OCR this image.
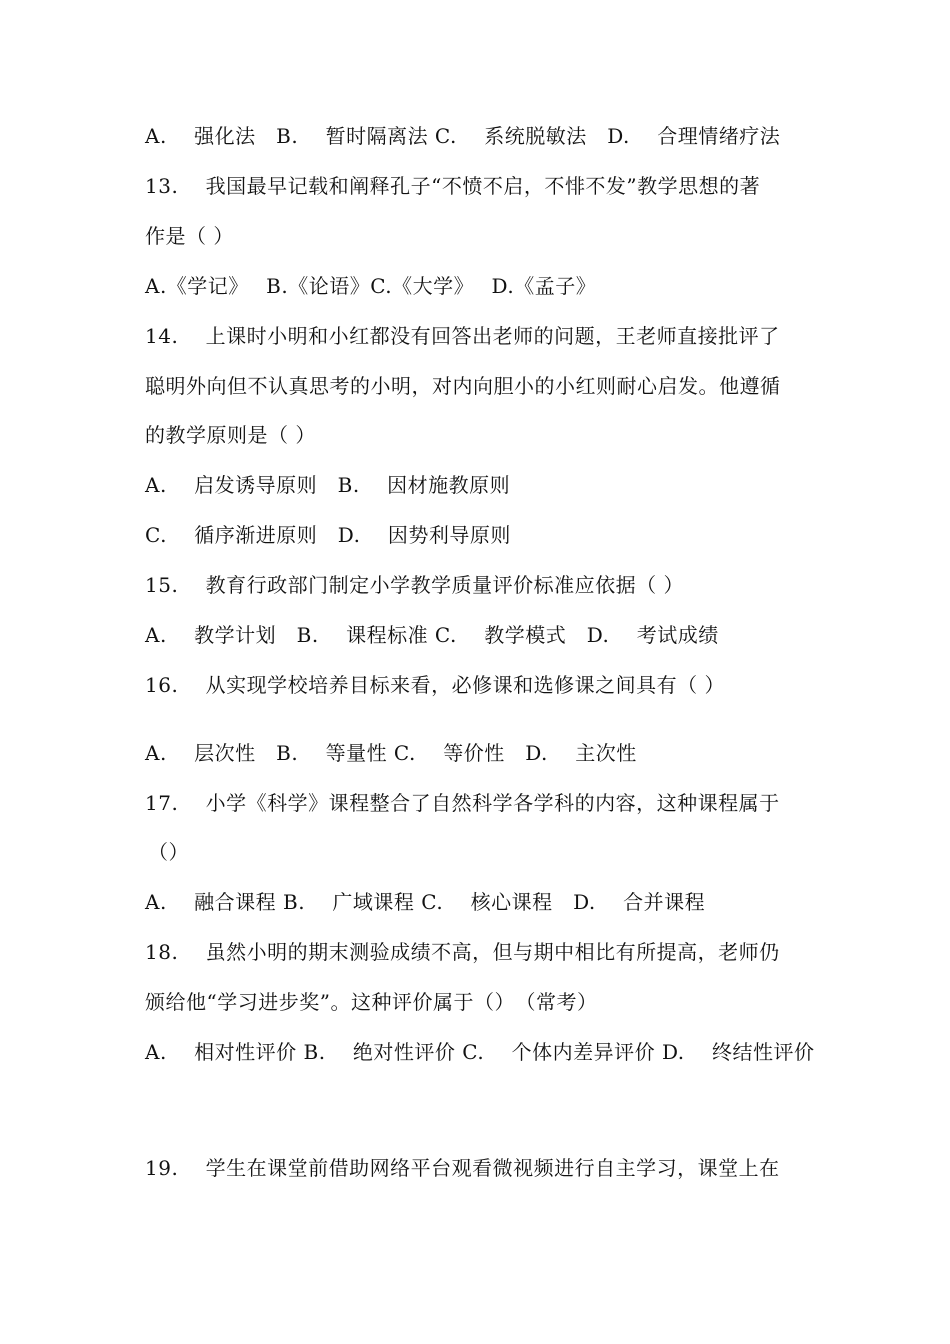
A.　 强化法　B.　 暂时隔离法 C.　 系统脱敏法　D.　 合理情绪疗法
13.　 我国最早记载和阐释孔子“不愤不启，不悱不发”教学思想的著
作是（ ）
A.《学记》　 B.《论语》C.《大学》　 D.《孟子》
14.　 上课时小明和小红都没有回答出老师的问题，王老师直接批评了
聪明外向但不认真思考的小明，对内向胆小的小红则耐心启发。他遵循
的教学原则是（ ）
A.　 启发诱导原则　B.　 因材施教原则
C.　 循序渐进原则　D.　 因势利导原则
15.　 教育行政部门制定小学教学质量评价标准应依据（ ）
A.　 教学计划　B.　 课程标准 C.　 教学模式　D.　 考试成绩
16.　 从实现学校培养目标来看，必修课和选修课之间具有（ ）
A.　 层次性　B.　 等量性 C.　 等价性　D.　 主次性
17.　 小学《科学》课程整合了自然科学各学科的内容，这种课程属于
（）
A.　 融合课程 B.　 广域课程 C.　 核心课程　D.　 合并课程
18.　 虽然小明的期末测验成绩不高，但与期中相比有所提高，老师仍
颁给他“学习进步奖”。这种评价属于（）　（常考）
A.　 相对性评价 B.　 绝对性评价 C.　 个体内差异评价 D.　 终结性评价
19.　 学生在课堂前借助网络平台观看微视频进行自主学习，课堂上在
